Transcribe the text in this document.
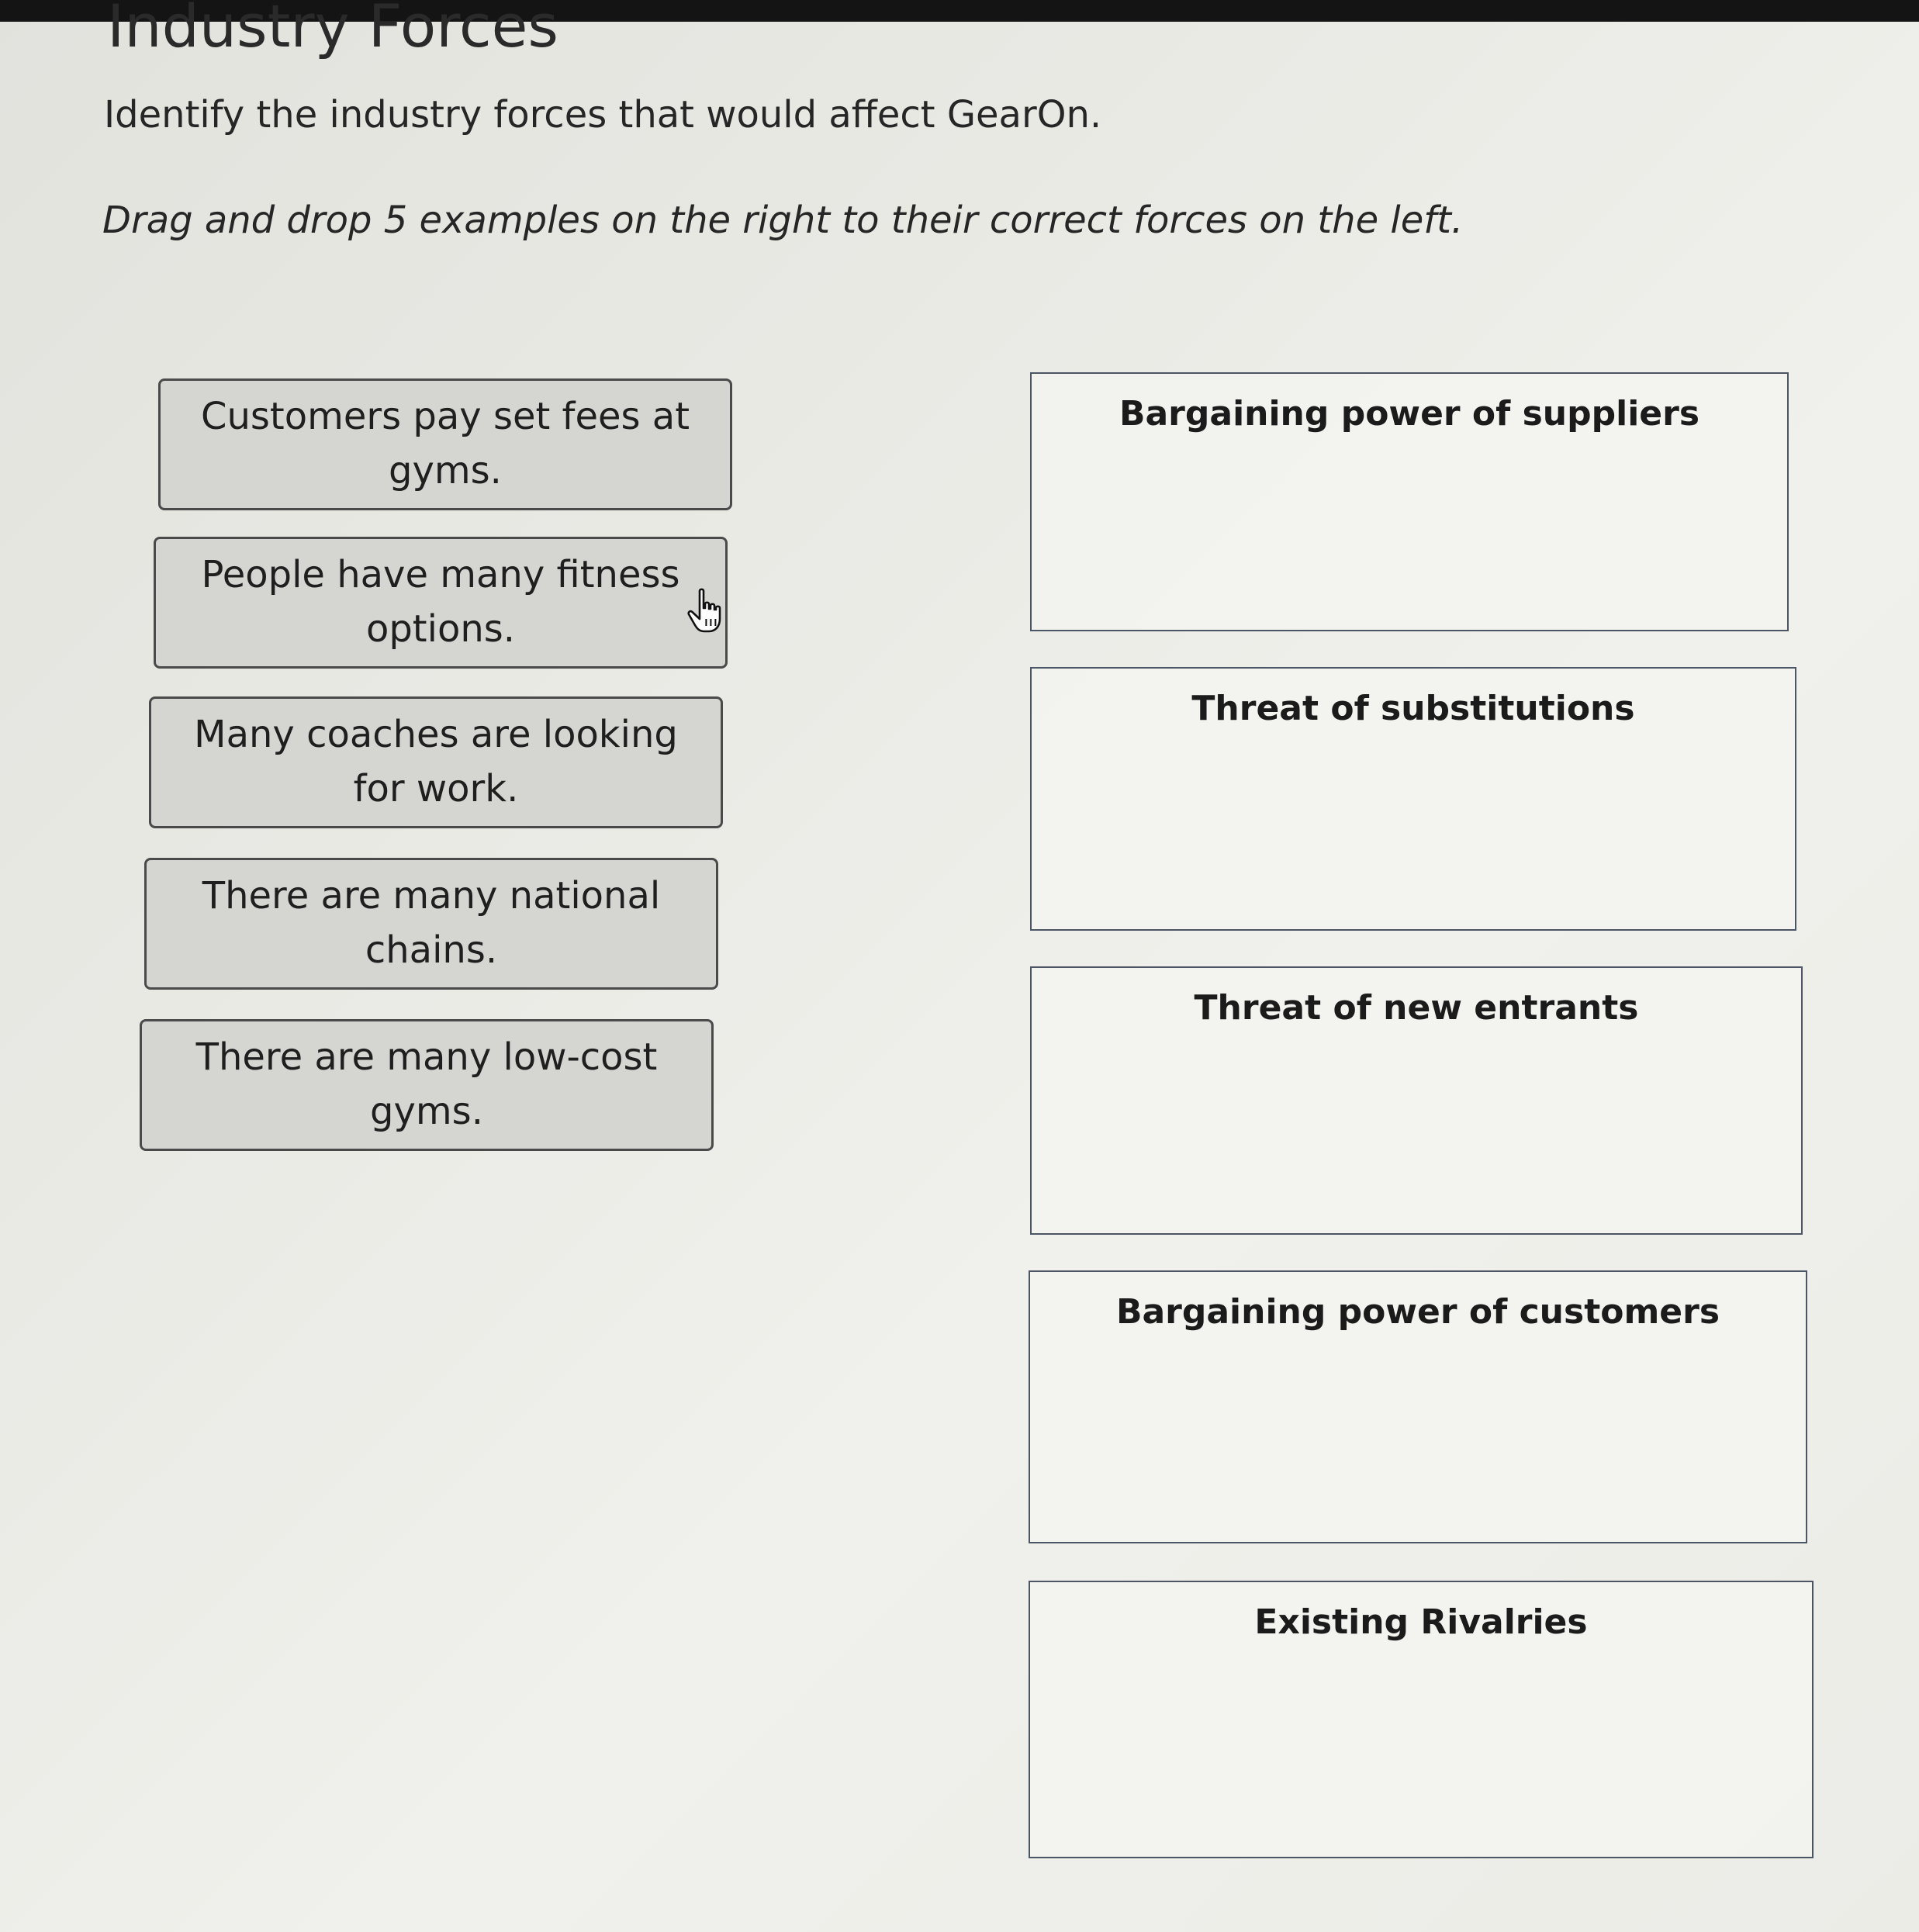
Industry Forces
Identify the industry forces that would affect GearOn.
Drag and drop 5 examples on the right to their correct forces on the left.
Customers pay set fees at
gyms.
People have many fitness
options.
Many coaches are looking
for work.
There are many national
chains.
There are many low-cost
gyms.
Bargaining power of suppliers
Threat of substitutions
Threat of new entrants
Bargaining power of customers
Existing Rivalries
